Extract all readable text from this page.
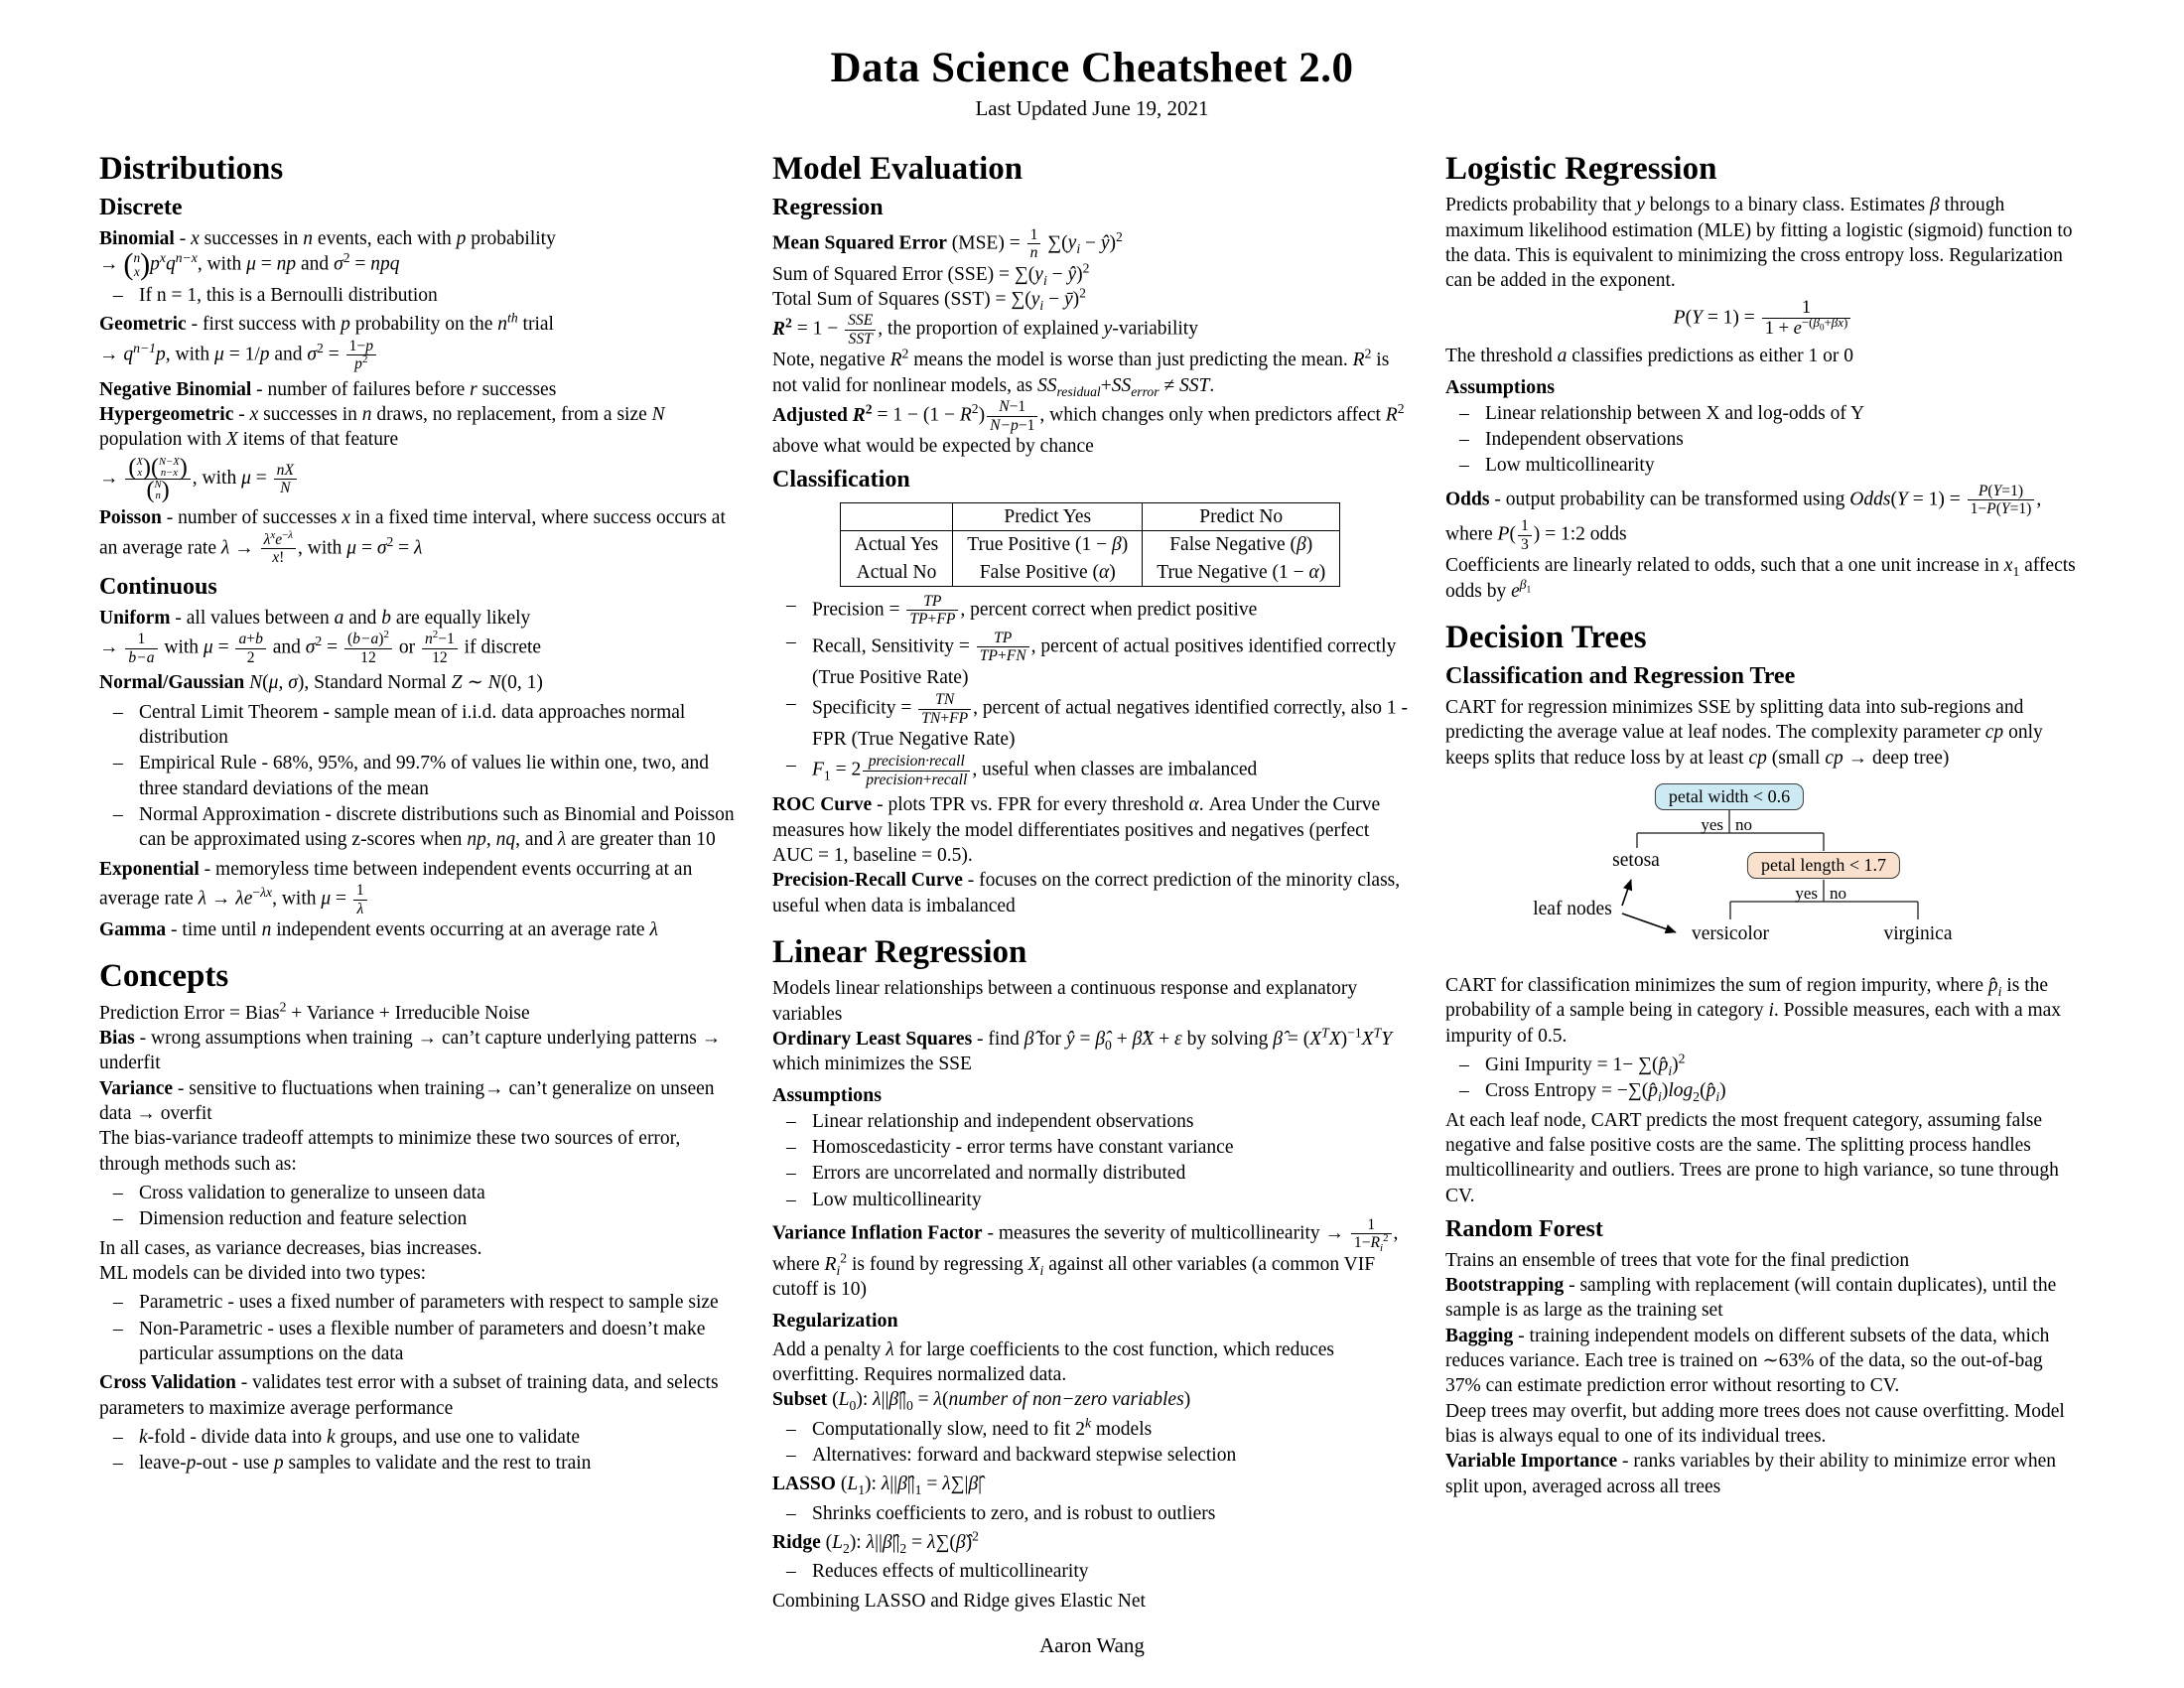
Data Science Cheatsheet 2.0
Last Updated June 19, 2021
Distributions
Discrete
Binomial - x successes in n events, each with p probability
→ ( n
x ) $p^xq^{n-x}$, with μ = np and $\sigma^2$ = npq
– If n = 1, this is a Bernoulli distribution
Geometric - first success with p probability on the $n^{th}$ trial
→ $q^{n-1}p$, with μ = 1/p and $\sigma^2 = \frac{1-p}{p^2}$
Negative Binomial - number of failures before r successes
Hypergeometric - x successes in n draws, no replacement, from a size N population with X items of that feature
→ ( X
x ) ( N−X
n−x )
( N
n ) , with $\mu = \frac{nX}{N}$
Poisson - number of successes x in a fixed time interval, where success occurs at an average rate $\lambda \to \frac{\lambda^xe^{-\lambda}}{x!}$ , with $\mu = \sigma^2 = \lambda$
Continuous
Uniform - all values between a and b are equally likely
→ $\frac{1}{b-a}$ with $\mu = \frac{a+b}{2}$ and $\sigma^2 = \frac{(b-a)^2}{12}$ or $\frac{n^2-1}{12}$ if discrete
Normal/Gaussian N(μ, σ), Standard Normal Z ∼ N(0, 1)
– Central Limit Theorem - sample mean of i.i.d. data approaches normal distribution
– Empirical Rule - 68%, 95%, and 99.7% of values lie within one, two, and three standard deviations of the mean
– Normal Approximation - discrete distributions such as Binomial and Poisson can be approximated using z-scores when np, nq, and λ are greater than 10
Exponential - memoryless time between independent events occurring at an average rate $\lambda \to \lambda e^{-\lambda x}$, with $\mu = \frac{1}{\lambda}$

Gamma - time until n independent events occurring at an average rate λ
Concepts
Prediction Error = Bias$^2$ + Variance + Irreducible Noise
Bias - wrong assumptions when training → can’t capture underlying patterns → underfit
Variance - sensitive to fluctuations when training→ can’t generalize on unseen data → overfit
The bias-variance tradeoff attempts to minimize these two sources of error, through methods such as:
– Cross validation to generalize to unseen data
– Dimension reduction and feature selection
In all cases, as variance decreases, bias increases.
ML models can be divided into two types:
– Parametric - uses a fixed number of parameters with respect to sample size
– Non-Parametric - uses a flexible number of parameters and doesn’t make particular assumptions on the data
Cross Validation - validates test error with a subset of training data, and selects parameters to maximize average performance
– k-fold - divide data into k groups, and use one to validate
– leave-p-out - use p samples to validate and the rest to train
Model Evaluation
Regression
Mean Squared Error $(MSE) = \frac{1}{n} \sum(y_i$ − ŷ)$^2$
Sum of Squared Error $(SSE) = \sum(y_i$ − ŷ)$^2$
Total Sum of Squares $(SST) = \sum(y_i$ − ȳ)$^2$
$R^2 = 1 - \frac{\text{SSE}}{\text{SST}}$ , the proportion of explained y-variability
Note, negative $R^2$ means the model is worse than just predicting the mean. $R^2$ is not valid for nonlinear models, as $SS_{residual}+SS_{error}$ ≠ SST.
Adjusted $R^2 = 1 - (1 - R^2) \frac{N-1}{N-p-1}$ , which changes only when predictors affect $R^2$ above what would be expected by chance
Classification
	Predict Yes	Predict No
Actual Yes	True Positive (1 − β)	False Negative (β)
Actual No	False Positive (α)	True Negative (1 − α)
– Precision = $\frac{TP}{TP+FP}$ , percent correct when predict positive
– Recall, Sensitivity = $\frac{TP}{TP+FN}$ , percent of actual positives identified correctly (True Positive Rate)
– Specificity = $\frac{TN}{TN+FP}$ , percent of actual negatives identified correctly, also 1 - FPR (True Negative Rate)
– $F_1 = 2 \frac{\text{precision·recall}}{\text{precision+recall}}$ , useful when classes are imbalanced
ROC Curve - plots TPR vs. FPR for every threshold α. Area Under the Curve measures how likely the model differentiates positives and negatives (perfect AUC = 1, baseline = 0.5).
Precision-Recall Curve - focuses on the correct prediction of the minority class, useful when data is imbalanced
Linear Regression
Models linear relationships between a continuous response and explanatory variables
Ordinary Least Squares - find β̂ for ŷ = $\betâ_0$ + β̂X + ε by solving β̂ = $(X^TX)^{-1}X^TY$ which minimizes the SSE
Assumptions
– Linear relationship and independent observations
– Homoscedasticity - error terms have constant variance
– Errors are uncorrelated and normally distributed
– Low multicollinearity
Variance Inflation Factor - measures the severity of multicollinearity → $\frac{1}{1-R_i^2}$ , where $R_i^2$ is found by regressing $X_i$ against all other variables (a common VIF cutoff is 10)
Regularization
Add a penalty λ for large coefficients to the cost function, which reduces overfitting. Requires normalized data.
Subset $(L_0)$: $\lambda||\betâ||_0$ = λ(number of non−zero variables)
– Computationally slow, need to fit 2$^k$ models
– Alternatives: forward and backward stepwise selection
LASSO $(L_1)$: $\lambda||\betâ||_1$ = λ∑|β̂|
– Shrinks coefficients to zero, and is robust to outliers
Ridge $(L_2)$: $\lambda||\betâ||_2$ = λ∑(β̂)$^2$
– Reduces effects of multicollinearity
Combining LASSO and Ridge gives Elastic Net
Logistic Regression
Predicts probability that y belongs to a binary class. Estimates β through maximum likelihood estimation (MLE) by fitting a logistic (sigmoid) function to the data. This is equivalent to minimizing the cross entropy loss. Regularization can be added in the exponent.
$P(Y = 1) = \frac{1}{1 + e^{-(\beta_0+\beta x)}}$
The threshold a classifies predictions as either 1 or 0
Assumptions
– Linear relationship between X and log-odds of Y
– Independent observations
– Low multicollinearity
Odds - output probability can be transformed using Odds(Y = $1) = \frac{P(Y=1)}{1-P(Y=1)}$ , where $P( \frac{1}{3}$ ) = 1:2 odds
Coefficients are linearly related to odds, such that a one unit increase in $x_1$ affects odds by $e^{\beta_1}$
Decision Trees
Classification and Regression Tree
CART for regression minimizes SSE by splitting data into sub-regions and predicting the average value at leaf nodes. The complexity parameter cp only keeps splits that reduce loss by at least cp (small cp → deep tree)
petal width < 0.6
yes no
setosa	petal length < 1.7
yes no
leaf nodes
versicolor	virginica
CART for classification minimizes the sum of region impurity, where $p̂_i$ is the probability of a sample being in category i. Possible measures, each with a max impurity of 0.5.
– Gini Impurity = $1- \sum(p̂_i)^2$
– Cross Entropy = $-\sum(p̂_i)\log_2(p̂_i)$
At each leaf node, CART predicts the most frequent category, assuming false negative and false positive costs are the same. The splitting process handles multicollinearity and outliers. Trees are prone to high variance, so tune through CV.
Random Forest
Trains an ensemble of trees that vote for the final prediction
Bootstrapping - sampling with replacement (will contain duplicates), until the sample is as large as the training set
Bagging - training independent models on different subsets of the data, which reduces variance. Each tree is trained on ∼63% of the data, so the out-of-bag 37% can estimate prediction error without resorting to CV.
Deep trees may overfit, but adding more trees does not cause overfitting. Model bias is always equal to one of its individual trees.
Variable Importance - ranks variables by their ability to minimize error when split upon, averaged across all trees
Aaron Wang
